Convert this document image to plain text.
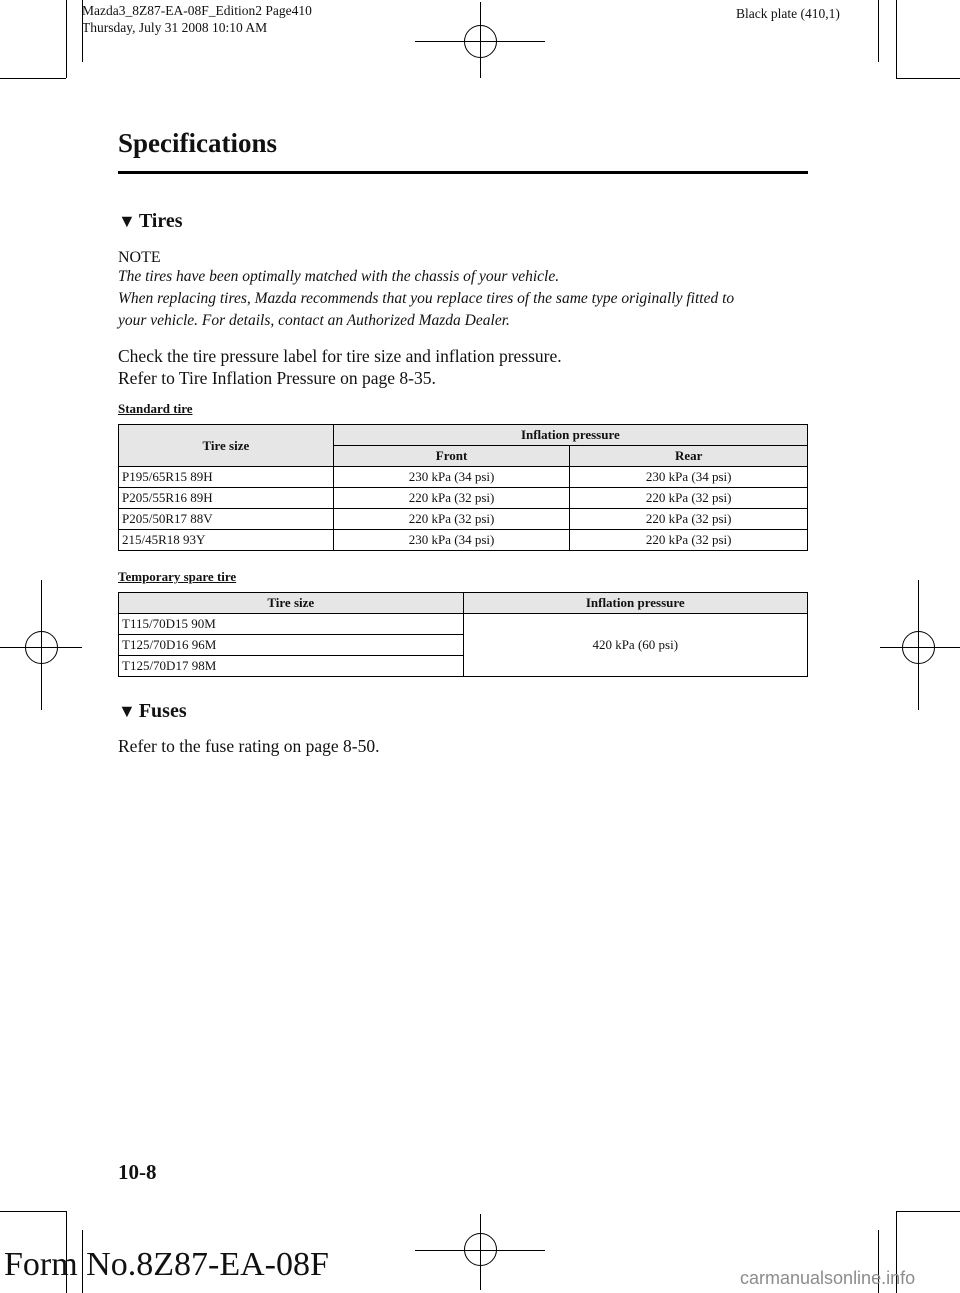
Mazda3_8Z87-EA-08F_Edition2 Page410
Thursday, July 31 2008 10:10 AM
Black plate (410,1)
Specifications
▼ Tires
NOTE

The tires have been optimally matched with the chassis of your vehicle.

When replacing tires, Mazda recommends that you replace tires of the same type originally fitted to

your vehicle. For details, contact an Authorized Mazda Dealer.

Check the tire pressure label for tire size and inflation pressure.
Refer to Tire Inflation Pressure on page 8-35.
Standard tire
Tire size	Inflation pressure	
	Front	Rear
P195/65R15 89H	230 kPa (34 psi)	230 kPa (34 psi)
P205/55R16 89H	220 kPa (32 psi)	220 kPa (32 psi)
P205/50R17 88V	220 kPa (32 psi)	220 kPa (32 psi)
215/45R18 93Y	230 kPa (34 psi)	220 kPa (32 psi)
Temporary spare tire
Tire size	Inflation pressure
T115/70D15 90M	420 kPa (60 psi)
T125/70D16 96M	
T125/70D17 98M	
▼ Fuses
Refer to the fuse rating on page 8-50.
10-8
Form No.8Z87-EA-08F	carmanualsonline.info
